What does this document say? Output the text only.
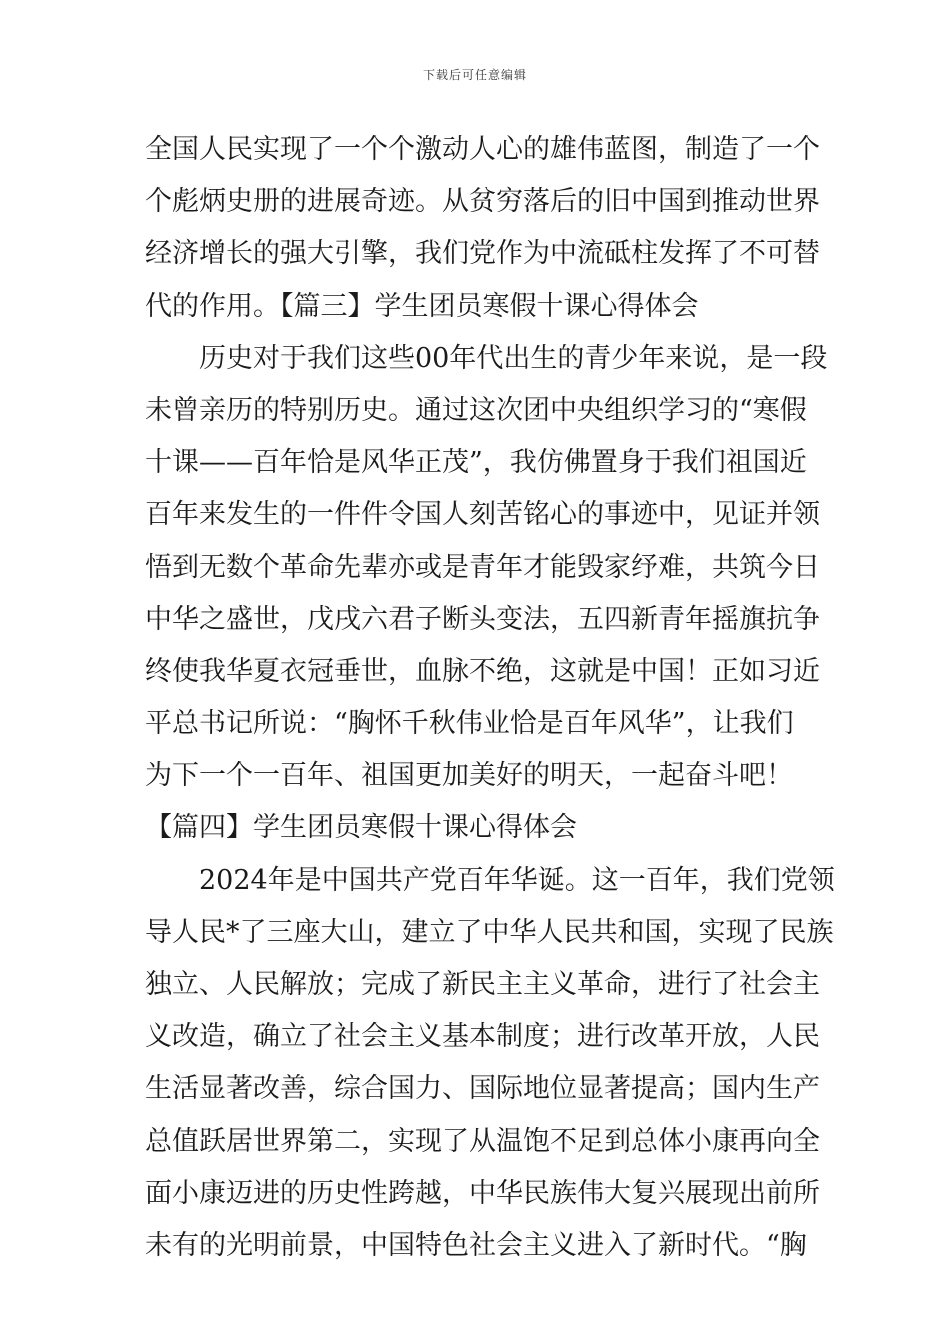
下载后可任意编辑
全国人民实现了一个个激动人心的雄伟蓝图，制造了一个
个彪炳史册的进展奇迹。从贫穷落后的旧中国到推动世界
经济增长的强大引擎，我们党作为中流砥柱发挥了不可替
代的作用。【篇三】学生团员寒假十课心得体会
历史对于我们这些00年代出生的青少年来说，是一段
未曾亲历的特别历史。通过这次团中央组织学习的“寒假
十课——百年恰是风华正茂”，我仿佛置身于我们祖国近
百年来发生的一件件令国人刻苦铭心的事迹中，见证并领
悟到无数个革命先辈亦或是青年才能毁家纾难，共筑今日
中华之盛世，戊戌六君子断头变法，五四新青年摇旗抗争
终使我华夏衣冠垂世，血脉不绝，这就是中国！正如习近
平总书记所说：“胸怀千秋伟业恰是百年风华”，让我们
为下一个一百年、祖国更加美好的明天，一起奋斗吧！
【篇四】学生团员寒假十课心得体会
2024年是中国共产党百年华诞。这一百年，我们党领
导人民*了三座大山，建立了中华人民共和国，实现了民族
独立、人民解放；完成了新民主主义革命，进行了社会主
义改造，确立了社会主义基本制度；进行改革开放，人民
生活显著改善，综合国力、国际地位显著提高；国内生产
总值跃居世界第二，实现了从温饱不足到总体小康再向全
面小康迈进的历史性跨越，中华民族伟大复兴展现出前所
未有的光明前景，中国特色社会主义进入了新时代。“胸
